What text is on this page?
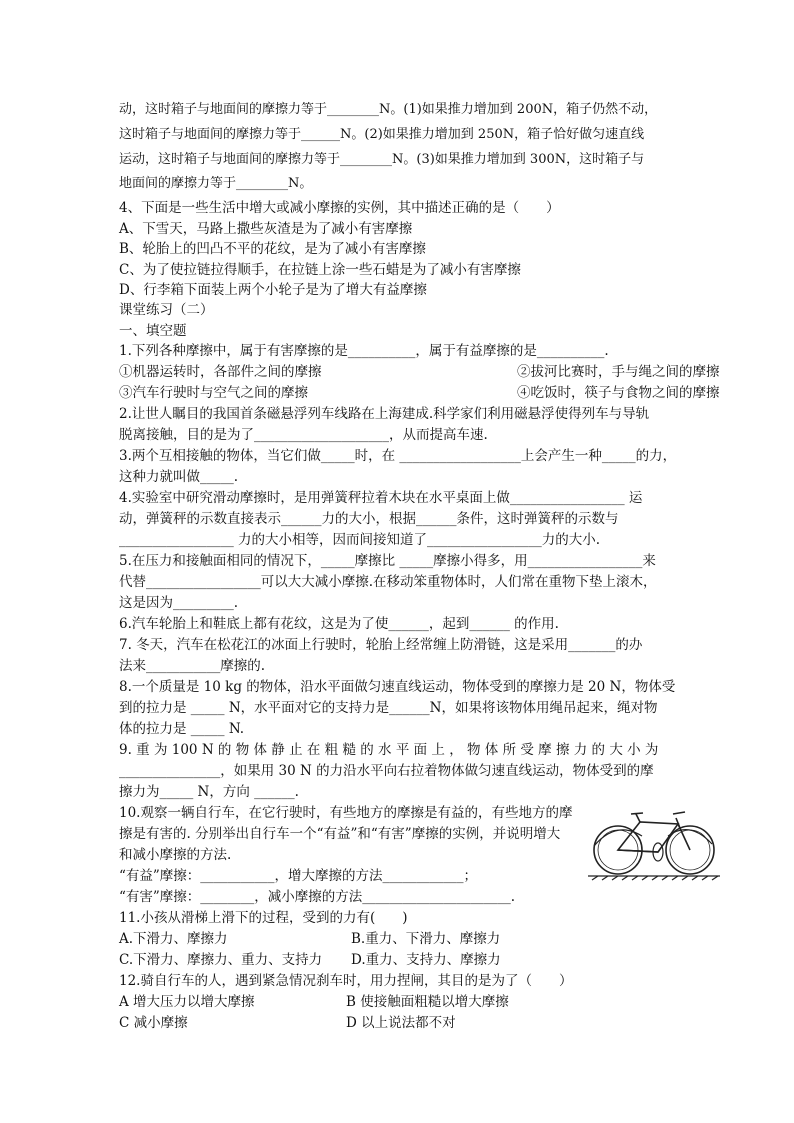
动，这时箱子与地面间的摩擦力等于________N。(1)如果推力增加到 200N，箱子仍然不动，
这时箱子与地面间的摩擦力等于______N。(2)如果推力增加到 250N，箱子恰好做匀速直线
运动，这时箱子与地面间的摩擦力等于________N。(3)如果推力增加到 300N，这时箱子与
地面间的摩擦力等于________N。
4、下面是一些生活中增大或减小摩擦的实例，其中描述正确的是（　　）
A、下雪天，马路上撒些灰渣是为了减小有害摩擦
B、轮胎上的凹凸不平的花纹，是为了减小有害摩擦
C、为了使拉链拉得顺手，在拉链上涂一些石蜡是为了减小有害摩擦
D、行李箱下面装上两个小轮子是为了增大有益摩擦
课堂练习（二）
一、填空题
1.下列各种摩擦中，属于有害摩擦的是__________，属于有益摩擦的是__________.
①机器运转时，各部件之间的摩擦	②拔河比赛时，手与绳之间的摩擦
③汽车行驶时与空气之间的摩擦	④吃饭时，筷子与食物之间的摩擦
2.让世人瞩目的我国首条磁悬浮列车线路在上海建成.科学家们利用磁悬浮使得列车与导轨
脱离接触，目的是为了____________________，从而提高车速.
3.两个互相接触的物体，当它们做_____时，在 __________________上会产生一种_____的力，
这种力就叫做_____.
4.实验室中研究滑动摩擦时，是用弹簧秤拉着木块在水平桌面上做_________________ 运
动，弹簧秤的示数直接表示______力的大小，根据______条件，这时弹簧秤的示数与
_________________ 力的大小相等，因而间接知道了_________________力的大小.
5.在压力和接触面相同的情况下，_____摩擦比 _____摩擦小得多，用_________________来
代替_________________可以大大减小摩擦.在移动笨重物体时，人们常在重物下垫上滚木，
这是因为_________.
6.汽车轮胎上和鞋底上都有花纹，这是为了使______，起到______ 的作用.
7. 冬天，汽车在松花江的冰面上行驶时，轮胎上经常缠上防滑链，这是采用_______的办
法来___________摩擦的.
8.一个质量是 10 kg 的物体，沿水平面做匀速直线运动，物体受到的摩擦力是 20 N，物体受
到的拉力是 _____ N，水平面对它的支持力是______N，如果将该物体用绳吊起来，绳对物
体的拉力是 _____ N.
9. 重 为 100 N 的 物 体 静 止 在 粗 糙 的 水 平 面 上 ， 物 体 所 受 摩 擦 力 的 大 小 为
_______________，如果用 30 N 的力沿水平向右拉着物体做匀速直线运动，物体受到的摩
擦力为_____ N，方向 ______.
10.观察一辆自行车，在它行驶时，有些地方的摩擦是有益的，有些地方的摩
擦是有害的. 分别举出自行车一个“有益”和“有害”摩擦的实例，并说明增大
和减小摩擦的方法.
“有益”摩擦：___________，增大摩擦的方法____________；
“有害”摩擦：________，减小摩擦的方法______________________.
11.小孩从滑梯上滑下的过程，受到的力有(　　)
A.下滑力、摩擦力	B.重力、下滑力、摩擦力
C.下滑力、摩擦力、重力、支持力 D.重力、支持力、摩擦力
12.骑自行车的人，遇到紧急情况刹车时，用力捏闸，其目的是为了（　　）
A 增大压力以增大摩擦	B 使接触面粗糙以增大摩擦
C 减小摩擦	D 以上说法都不对
